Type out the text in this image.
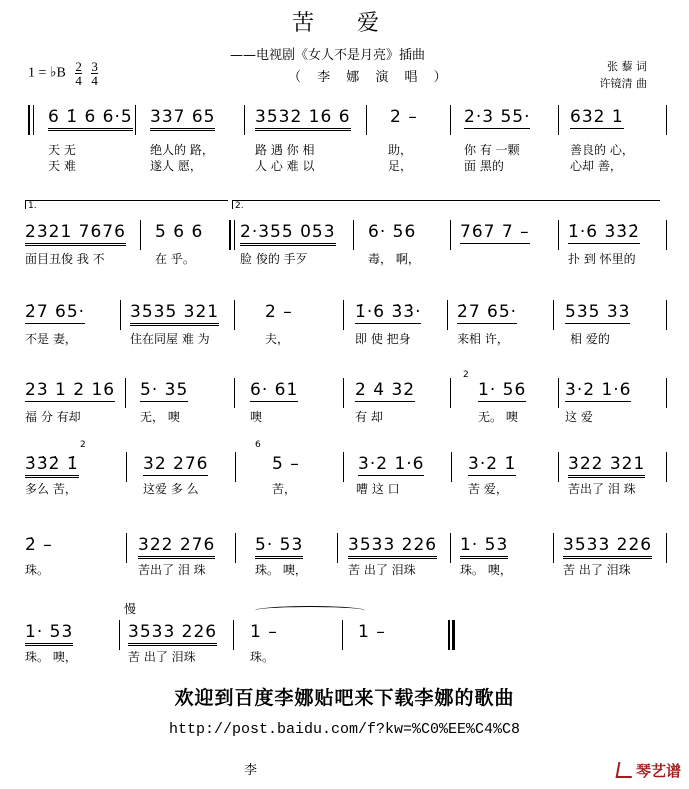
苦 爱
——电视剧《女人不是月亮》插曲
（ 李 娜 演 唱 ）
1 = ♭B $\frac{2}{4}$
$\frac{3}{4}$	张 藜 词
许镜清 曲
6 1̇ 6 6·5 337 65 3532 16 6 2 –	2·3 55· 632 1
天 无
天 难
绝人的 路，
遂人 愿，
路 遇 你 相
人 心 难 以
助，
足，
你 有 一颗
面 黑的
善良的 心，
心却 善，
1.	2.
2321 7676 5 6 6 2·355 053 6· 56	767 7 – 1̇·6 3̇3̇2̇
面目丑俊 我 不	在 乎。	脸 俊的 手歹	毒， 啊，	扑 到 怀里的
2̇7 65·	3535 321	2 –	1̇·6 3̇3̇· 2̇7 65·	535 33
不是 妻，	住在同屋 难 为	夫，	即 使 把身	来相 许，	相 爱的
23 1 2 16 5· 35	6· 61	2 4 32
2
1· 56 3·2 1·6
福 分 有却	无， 噢	噢	有 却	无。 噢	这 爱
3̇3̇2̇ 1̇
2
32 276
6
5 –	3·2 1·6	3·2 1̇	322 321
多么 苦，	这爱 多 么	苦，	嘈 这 口	苦 爱，	苦出了 泪 珠
2̇ –	322 276 5· 53	3533 226 1· 53	3533 226
珠。	苦出了 泪 珠	珠。 噢，	苦 出了 泪珠	珠。 噢，	苦 出了 泪珠
慢
1· 53	3533 226 1 –	1 –
珠。 噢，	苦 出了 泪珠	珠。
欢迎到百度李娜贴吧来下载李娜的歌曲
http://post.baidu.com/f?kw=%C0%EE%C4%C8
李	琴艺谱
